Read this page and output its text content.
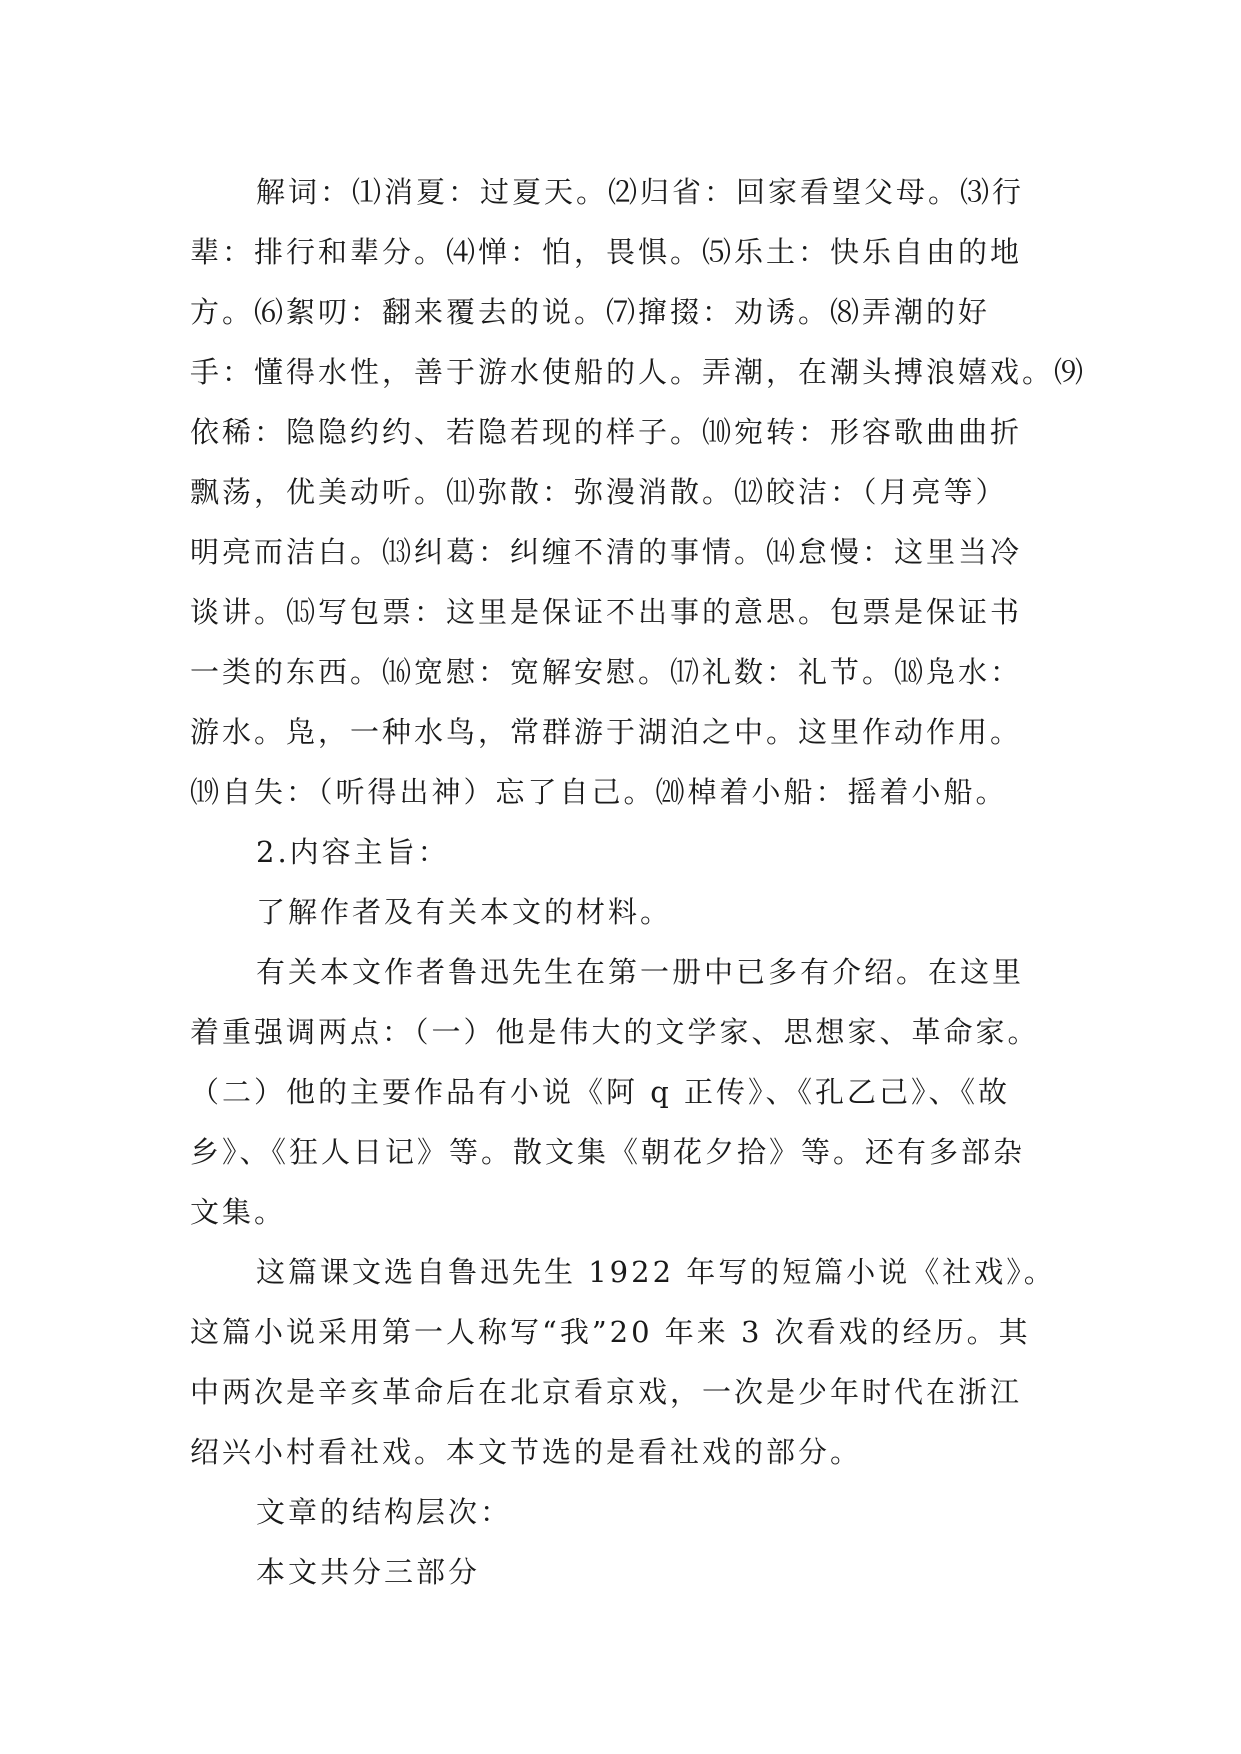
解词：⑴消夏：过夏天。⑵归省：回家看望父母。⑶行
辈：排行和辈分。⑷惮：怕，畏惧。⑸乐土：快乐自由的地
方。⑹絮叨：翻来覆去的说。⑺撺掇：劝诱。⑻弄潮的好
手：懂得水性，善于游水使船的人。弄潮，在潮头搏浪嬉戏。⑼
依稀：隐隐约约、若隐若现的样子。⑽宛转：形容歌曲曲折
飘荡，优美动听。⑾弥散：弥漫消散。⑿皎洁：（月亮等）
明亮而洁白。⒀纠葛：纠缠不清的事情。⒁怠慢：这里当冷
谈讲。⒂写包票：这里是保证不出事的意思。包票是保证书
一类的东西。⒃宽慰：宽解安慰。⒄礼数：礼节。⒅凫水：
游水。凫，一种水鸟，常群游于湖泊之中。这里作动作用。
⒆自失：（听得出神）忘了自己。⒇棹着小船：摇着小船。
2.内容主旨：
了解作者及有关本文的材料。
有关本文作者鲁迅先生在第一册中已多有介绍。在这里
着重强调两点：（一）他是伟大的文学家、思想家、革命家。
（二）他的主要作品有小说《阿 q 正传》、《孔乙己》、《故
乡》、《狂人日记》等。散文集《朝花夕拾》等。还有多部杂
文集。
这篇课文选自鲁迅先生 1922 年写的短篇小说《社戏》。
这篇小说采用第一人称写“我”20 年来 3 次看戏的经历。其
中两次是辛亥革命后在北京看京戏，一次是少年时代在浙江
绍兴小村看社戏。本文节选的是看社戏的部分。
文章的结构层次：
本文共分三部分
